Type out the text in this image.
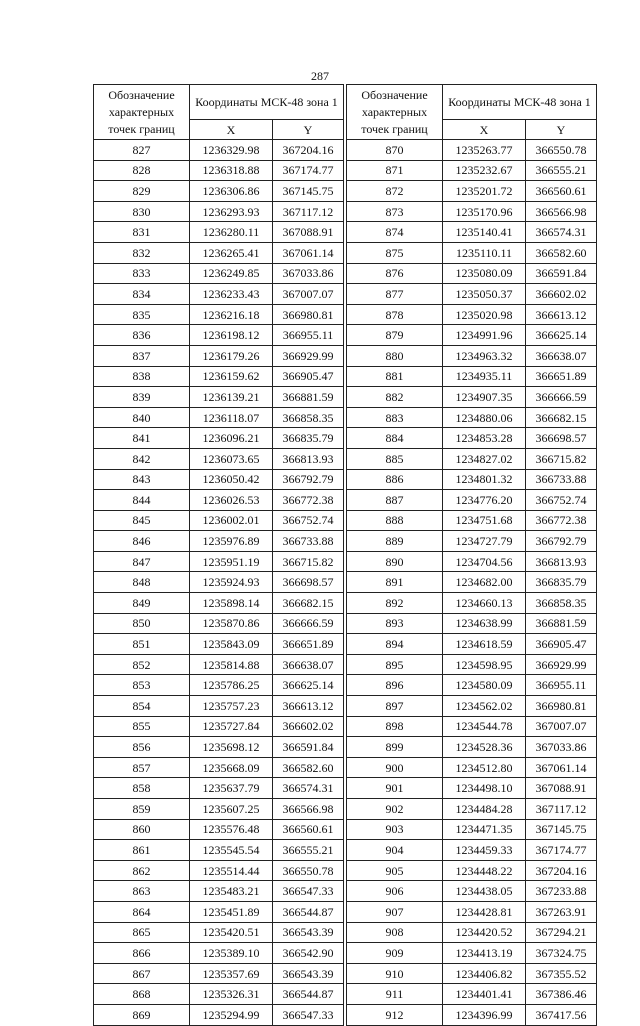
287
Обозначение характерных точек границ	Координаты МСК-48 зона 1	
	X	Y
827	1236329.98	367204.16
828	1236318.88	367174.77
829	1236306.86	367145.75
830	1236293.93	367117.12
831	1236280.11	367088.91
832	1236265.41	367061.14
833	1236249.85	367033.86
834	1236233.43	367007.07
835	1236216.18	366980.81
836	1236198.12	366955.11
837	1236179.26	366929.99
838	1236159.62	366905.47
839	1236139.21	366881.59
840	1236118.07	366858.35
841	1236096.21	366835.79
842	1236073.65	366813.93
843	1236050.42	366792.79
844	1236026.53	366772.38
845	1236002.01	366752.74
846	1235976.89	366733.88
847	1235951.19	366715.82
848	1235924.93	366698.57
849	1235898.14	366682.15
850	1235870.86	366666.59
851	1235843.09	366651.89
852	1235814.88	366638.07
853	1235786.25	366625.14
854	1235757.23	366613.12
855	1235727.84	366602.02
856	1235698.12	366591.84
857	1235668.09	366582.60
858	1235637.79	366574.31
859	1235607.25	366566.98
860	1235576.48	366560.61
861	1235545.54	366555.21
862	1235514.44	366550.78
863	1235483.21	366547.33
864	1235451.89	366544.87
865	1235420.51	366543.39
866	1235389.10	366542.90
867	1235357.69	366543.39
868	1235326.31	366544.87
869	1235294.99	366547.33
Обозначение характерных точек границ	Координаты МСК-48 зона 1	
	X	Y
870	1235263.77	366550.78
871	1235232.67	366555.21
872	1235201.72	366560.61
873	1235170.96	366566.98
874	1235140.41	366574.31
875	1235110.11	366582.60
876	1235080.09	366591.84
877	1235050.37	366602.02
878	1235020.98	366613.12
879	1234991.96	366625.14
880	1234963.32	366638.07
881	1234935.11	366651.89
882	1234907.35	366666.59
883	1234880.06	366682.15
884	1234853.28	366698.57
885	1234827.02	366715.82
886	1234801.32	366733.88
887	1234776.20	366752.74
888	1234751.68	366772.38
889	1234727.79	366792.79
890	1234704.56	366813.93
891	1234682.00	366835.79
892	1234660.13	366858.35
893	1234638.99	366881.59
894	1234618.59	366905.47
895	1234598.95	366929.99
896	1234580.09	366955.11
897	1234562.02	366980.81
898	1234544.78	367007.07
899	1234528.36	367033.86
900	1234512.80	367061.14
901	1234498.10	367088.91
902	1234484.28	367117.12
903	1234471.35	367145.75
904	1234459.33	367174.77
905	1234448.22	367204.16
906	1234438.05	367233.88
907	1234428.81	367263.91
908	1234420.52	367294.21
909	1234413.19	367324.75
910	1234406.82	367355.52
911	1234401.41	367386.46
912	1234396.99	367417.56
